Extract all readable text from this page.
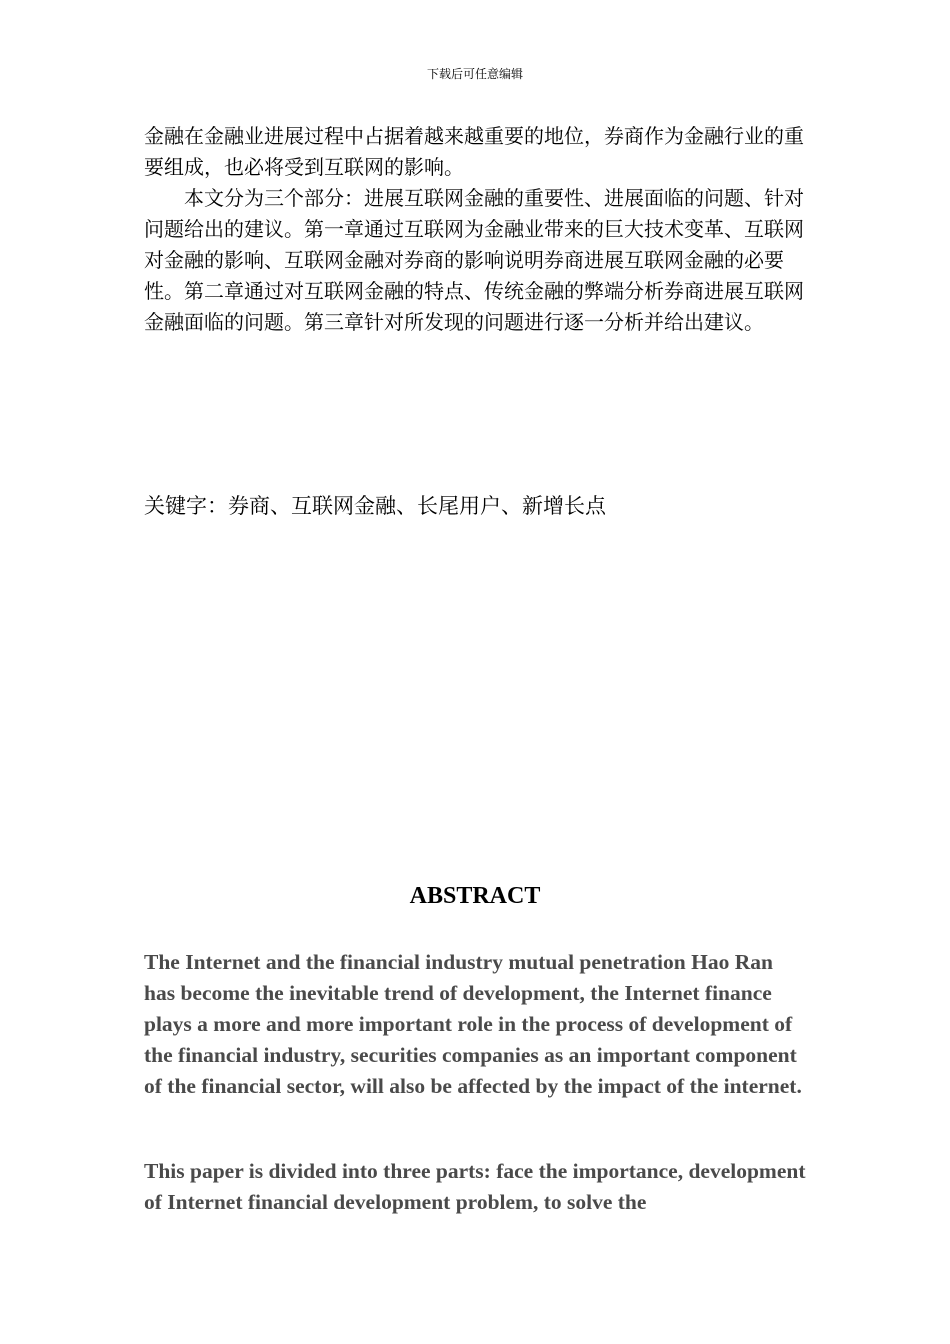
下载后可任意编辑

金融在金融业进展过程中占据着越来越重要的地位，券商作为金融行业的重要组成，也必将受到互联网的影响。

本文分为三个部分：进展互联网金融的重要性、进展面临的问题、针对问题给出的建议。第一章通过互联网为金融业带来的巨大技术变革、互联网对金融的影响、互联网金融对券商的影响说明券商进展互联网金融的必要性。第二章通过对互联网金融的特点、传统金融的弊端分析券商进展互联网金融面临的问题。第三章针对所发现的问题进行逐一分析并给出建议。

关键字：券商、互联网金融、长尾用户、新增长点

ABSTRACT

The Internet and the financial industry mutual penetration Hao Ran has become the inevitable trend of development, the Internet finance plays a more and more important role in the process of development of the financial industry, securities companies as an important component of the financial sector, will also be affected by the impact of the internet.

This paper is divided into three parts: face the importance, development of Internet financial development problem, to solve the
